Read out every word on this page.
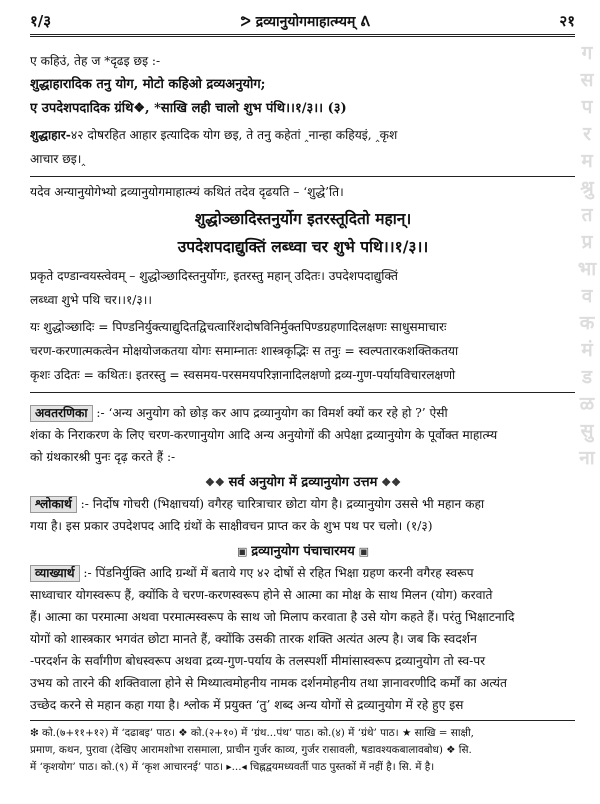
१/३	ᕗ द्रव्यानुयोगमाहात्म्यम् ᕕ	२१
ग
स
प
र
म
श्रु
त
प्र
भा
व
क
मं
ड
ळ
सु
ना
ए कहिउं, तेह ज *दृढइ छइ :-
शुद्धाहारादिक तनु योग, मोटो कहिओ द्रव्यअनुयोग;
ए उपदेशपदादिक ग्रंथि❖, *साखि लही चालो शुभ पंथि।।१/३।। (३)
शुद्धाहार-४२ दोषरहित आहार इत्यादिक योग छइ, ते तनु कहेतां ‸नान्हा कहियइं, ‸कृश
आचार छइ।‸
यदेव अन्यानुयोगेभ्यो द्रव्यानुयोगमाहात्म्यं कथितं तदेव दृढयति – ‘शुद्धे’ति।
शुद्धोञ्छादिस्तनुर्योग इतरस्तूदितो महान्।
उपदेशपदाद्युक्तिं लब्ध्वा चर शुभे पथि।।१/३।।
प्रकृते दण्डान्वयस्त्वेवम् – शुद्धोञ्छादिस्तनुर्योगः, इतरस्तु महान् उदितः। उपदेशपदाद्युक्तिं
लब्ध्वा शुभे पथि चर।।१/३।।
यः शुद्धोञ्छादिः = पिण्डनिर्युक्त्याद्युदितद्विचत्वारिंशदोषविनिर्मुक्तपिण्डग्रहणादिलक्षणः साधुसमाचारः
चरण-करणात्मकत्वेन मोक्षयोजकतया योगः समाम्नातः शास्त्रकृद्भिः स तनुः = स्वल्पतारकशक्तिकतया
कृशः उदितः = कथितः। इतरस्तु = स्वसमय-परसमयपरिज्ञानादिलक्षणो द्रव्य-गुण-पर्यायविचारलक्षणो
अवतरणिका :- ‘अन्य अनुयोग को छोड़ कर आप द्रव्यानुयोग का विमर्श क्यों कर रहे हो ?’ ऐसी
शंका के निराकरण के लिए चरण-करणानुयोग आदि अन्य अनुयोगों की अपेक्षा द्रव्यानुयोग के पूर्वोक्त माहात्म्य
को ग्रंथकारश्री पुनः दृढ़ करते हैं :-
❖❖ सर्व अनुयोग में द्रव्यानुयोग उत्तम ❖❖
श्लोकार्थ :- निर्दोष गोचरी (भिक्षाचर्या) वगैरह चारित्राचार छोटा योग है। द्रव्यानुयोग उससे भी महान कहा
गया है। इस प्रकार उपदेशपद आदि ग्रंथों के साक्षीवचन प्राप्त कर के शुभ पथ पर चलो। (१/३)
▣ द्रव्यानुयोग पंचाचारमय ▣
व्याख्यार्थ :- पिंडनिर्युक्ति आदि ग्रन्थों में बताये गए ४२ दोषों से रहित भिक्षा ग्रहण करनी वगैरह स्वरूप
साध्वाचार योगस्वरूप हैं, क्योंकि वे चरण-करणस्वरूप होने से आत्मा का मोक्ष के साथ मिलन (योग) करवाते
हैं। आत्मा का परमात्मा अथवा परमात्मस्वरूप के साथ जो मिलाप करवाता है उसे योग कहते हैं। परंतु भिक्षाटनादि
योगों को शास्त्रकार भगवंत छोटा मानते हैं, क्योंकि उसकी तारक शक्ति अत्यंत अल्प है। जब कि स्वदर्शन
-परदर्शन के सर्वांगीण बोधस्वरूप अथवा द्रव्य-गुण-पर्याय के तलस्पर्शी मीमांसास्वरूप द्रव्यानुयोग तो स्व-पर
उभय को तारने की शक्तिवाला होने से मिथ्यात्वमोहनीय नामक दर्शनमोहनीय तथा ज्ञानावरणीदि कर्मों का अत्यंत
उच्छेद करने से महान कहा गया है। श्लोक में प्रयुक्त ‘तु’ शब्द अन्य योगों से द्रव्यानुयोग में रहे हुए इस
❇ को.(७+११+१२) में ‘दढाबइ’ पाठ। ❖ को.(२+१०) में ‘ग्रंथ...पंथ’ पाठ। को.(४) में ‘ग्रंथे’ पाठ। ★ साखि = साक्षी,
प्रमाण, कथन, पुरावा (देखिए आरामशोभा रासमाला, प्राचीन गुर्जर काव्य, गुर्जर रासावली, षडावश्यकबालावबोध) ❖ सि.
में ‘कृशयोग’ पाठ। को.(९) में ‘कृश आचारनई’ पाठ। ▸...◂ चिह्नद्वयमध्यवर्ती पाठ पुस्तकों में नहीं है। सि. में है।
